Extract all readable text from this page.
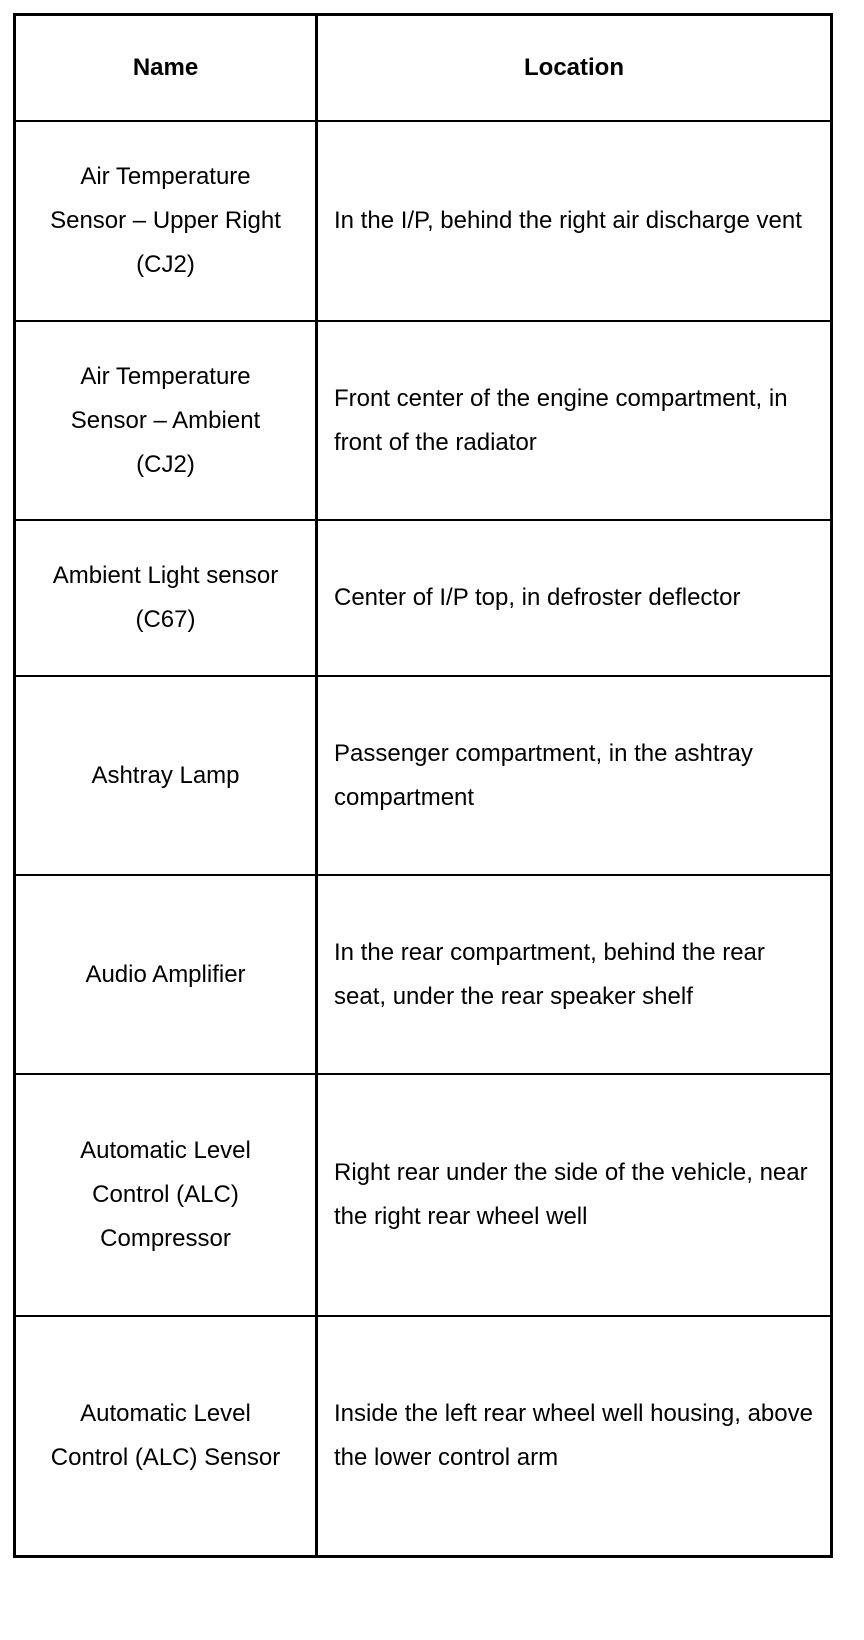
Name	Location
Air Temperature Sensor – Upper Right (CJ2)
In the I/P, behind the right air discharge vent
Air Temperature Sensor – Ambient (CJ2)
Front center of the engine compartment, in front of the radiator
Ambient Light sensor (C67)
Center of I/P top, in defroster deflector
Ashtray Lamp
Passenger compartment, in the ashtray compartment
Audio Amplifier
In the rear compartment, behind the rear seat, under the rear speaker shelf
Automatic Level Control (ALC) Compressor
Right rear under the side of the vehicle, near the right rear wheel well
Automatic Level Control (ALC) Sensor
Inside the left rear wheel well housing, above the lower control arm
